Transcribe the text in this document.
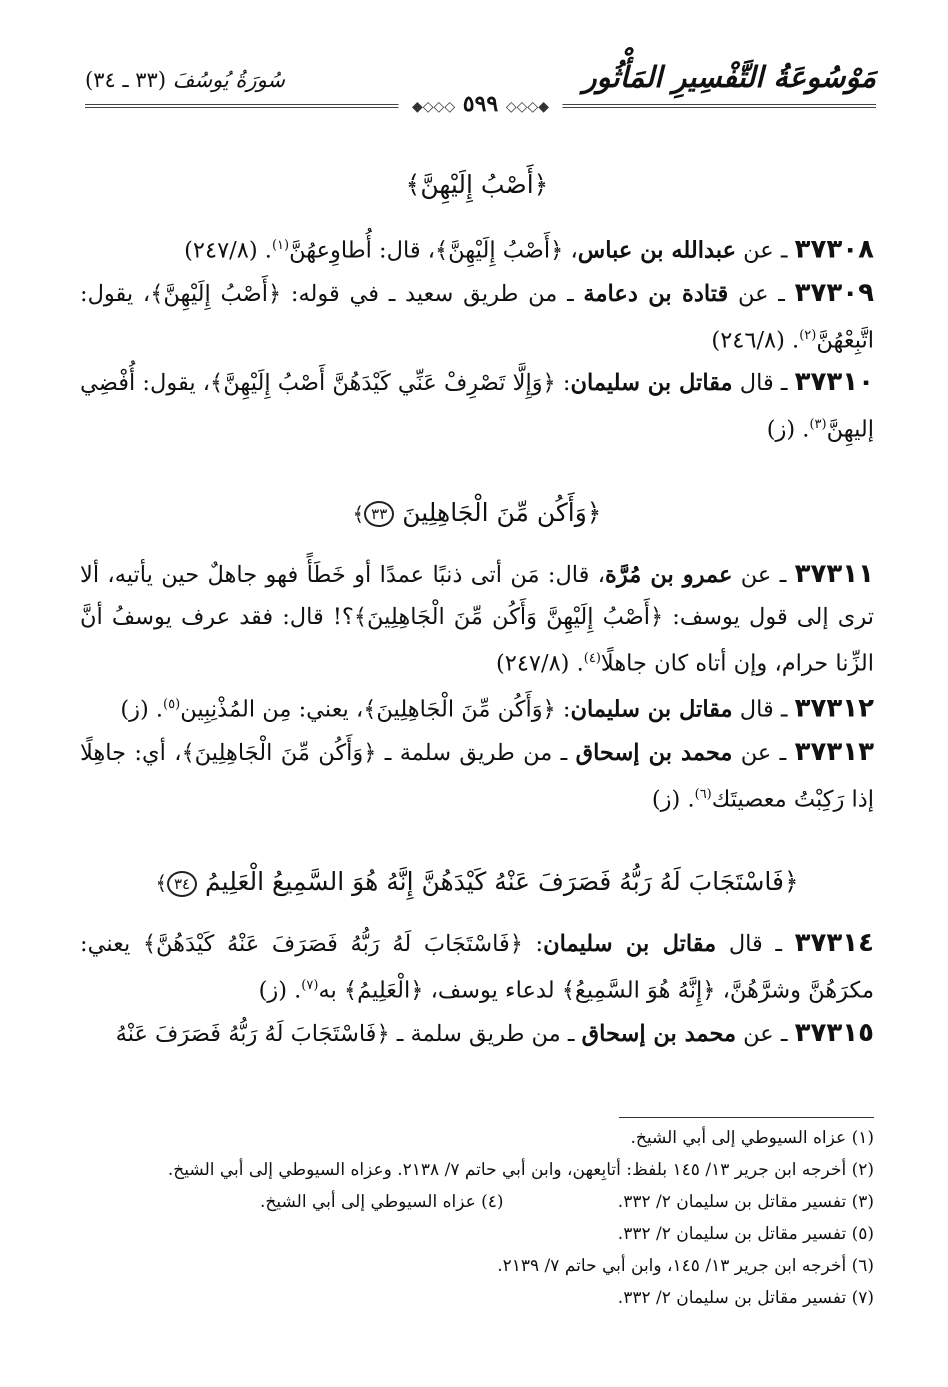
مَوْسُوعَةُ التَّفْسِيرِ المَأْثُور
سُورَةُ يُوسُفَ (٣٣ ـ ٣٤)
◆◇◇◇ ٥٩٩ ◇◇◇◆

﴿أَصْبُ إِلَيْهِنَّ﴾

٣٧٣٠٨ ـ عن عبدالله بن عباس، ﴿أَصْبُ إِلَيْهِنَّ﴾، قال: أُطاوِعهُنَّ$^{(١)}$. (٢٤٧/٨)

٣٧٣٠٩ ـ عن قتادة بن دعامة ـ من طريق سعيد ـ في قوله: ﴿أَصْبُ إِلَيْهِنَّ﴾، يقول: اتَّبِعْهُنَّ$^{(٢)}$. (٢٤٦/٨)

٣٧٣١٠ ـ قال مقاتل بن سليمان: ﴿وَإِلَّا تَصْرِفْ عَنِّي كَيْدَهُنَّ أَصْبُ إِلَيْهِنَّ﴾، يقول: أُفْضِي إليهِنَّ$^{(٣)}$. (ز)

﴿وَأَكُن مِّنَ الْجَاهِلِينَ ٣٣﴾

٣٧٣١١ ـ عن عمرو بن مُرَّة، قال: مَن أتى ذنبًا عمدًا أو خَطَأً فهو جاهلٌ حين يأتيه، ألا ترى إلى قول يوسف: ﴿أَصْبُ إِلَيْهِنَّ وَأَكُن مِّنَ الْجَاهِلِينَ﴾؟! قال: فقد عرف يوسفُ أنَّ الزِّنا حرام، وإن أتاه كان جاهلًا$^{(٤)}$. (٢٤٧/٨)

٣٧٣١٢ ـ قال مقاتل بن سليمان: ﴿وَأَكُن مِّنَ الْجَاهِلِينَ﴾، يعني: مِن المُذْنِبِين$^{(٥)}$. (ز)

٣٧٣١٣ ـ عن محمد بن إسحاق ـ من طريق سلمة ـ ﴿وَأَكُن مِّنَ الْجَاهِلِينَ﴾، أي: جاهِلًا إذا رَكِبْتُ معصيتَك$^{(٦)}$. (ز)

﴿فَاسْتَجَابَ لَهُ رَبُّهُ فَصَرَفَ عَنْهُ كَيْدَهُنَّ إِنَّهُ هُوَ السَّمِيعُ الْعَلِيمُ ٣٤﴾

٣٧٣١٤ ـ قال مقاتل بن سليمان: ﴿فَاسْتَجَابَ لَهُ رَبُّهُ فَصَرَفَ عَنْهُ كَيْدَهُنَّ﴾ يعني: مكرَهُنَّ وشرَّهُنَّ، ﴿إِنَّهُ هُوَ السَّمِيعُ﴾ لدعاء يوسف، ﴿الْعَلِيمُ﴾ به$^{(٧)}$. (ز)

٣٧٣١٥ ـ عن محمد بن إسحاق ـ من طريق سلمة ـ ﴿فَاسْتَجَابَ لَهُ رَبُّهُ فَصَرَفَ عَنْهُ

(١) عزاه السيوطي إلى أبي الشيخ.

(٢) أخرجه ابن جرير ١٣/ ١٤٥ بلفظ: أتابِعهن، وابن أبي حاتم ٧/ ٢١٣٨. وعزاه السيوطي إلى أبي الشيخ.

(٣) تفسير مقاتل بن سليمان ٢/ ٣٣٢.

(٤) عزاه السيوطي إلى أبي الشيخ.

(٥) تفسير مقاتل بن سليمان ٢/ ٣٣٢.

(٦) أخرجه ابن جرير ١٣/ ١٤٥، وابن أبي حاتم ٧/ ٢١٣٩.

(٧) تفسير مقاتل بن سليمان ٢/ ٣٣٢.
